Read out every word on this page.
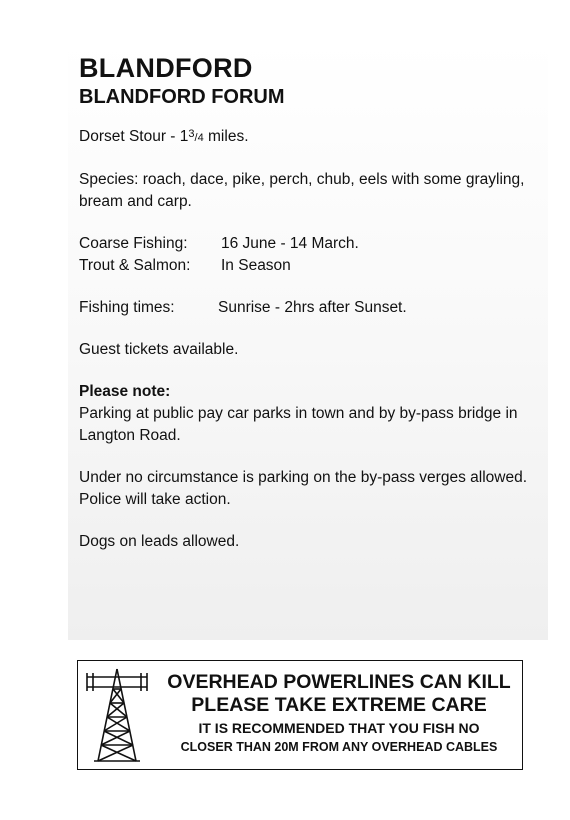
BLANDFORD
BLANDFORD FORUM

Dorset Stour - $1^3/4$ miles.

Species: roach, dace, pike, perch, chub, eels with some grayling, bream and carp.

Coarse Fishing:	16 June - 14 March.
Trout & Salmon:	In Season
Fishing times:	Sunrise - 2hrs after Sunset.

Guest tickets available.

Please note:
Parking at public pay car parks in town and by by-pass bridge in Langton Road.

Under no circumstance is parking on the by-pass verges allowed. Police will take action.

Dogs on leads allowed.

OVERHEAD POWERLINES CAN KILL
PLEASE TAKE EXTREME CARE
IT IS RECOMMENDED THAT YOU FISH NO
CLOSER THAN 20M FROM ANY OVERHEAD CABLES
